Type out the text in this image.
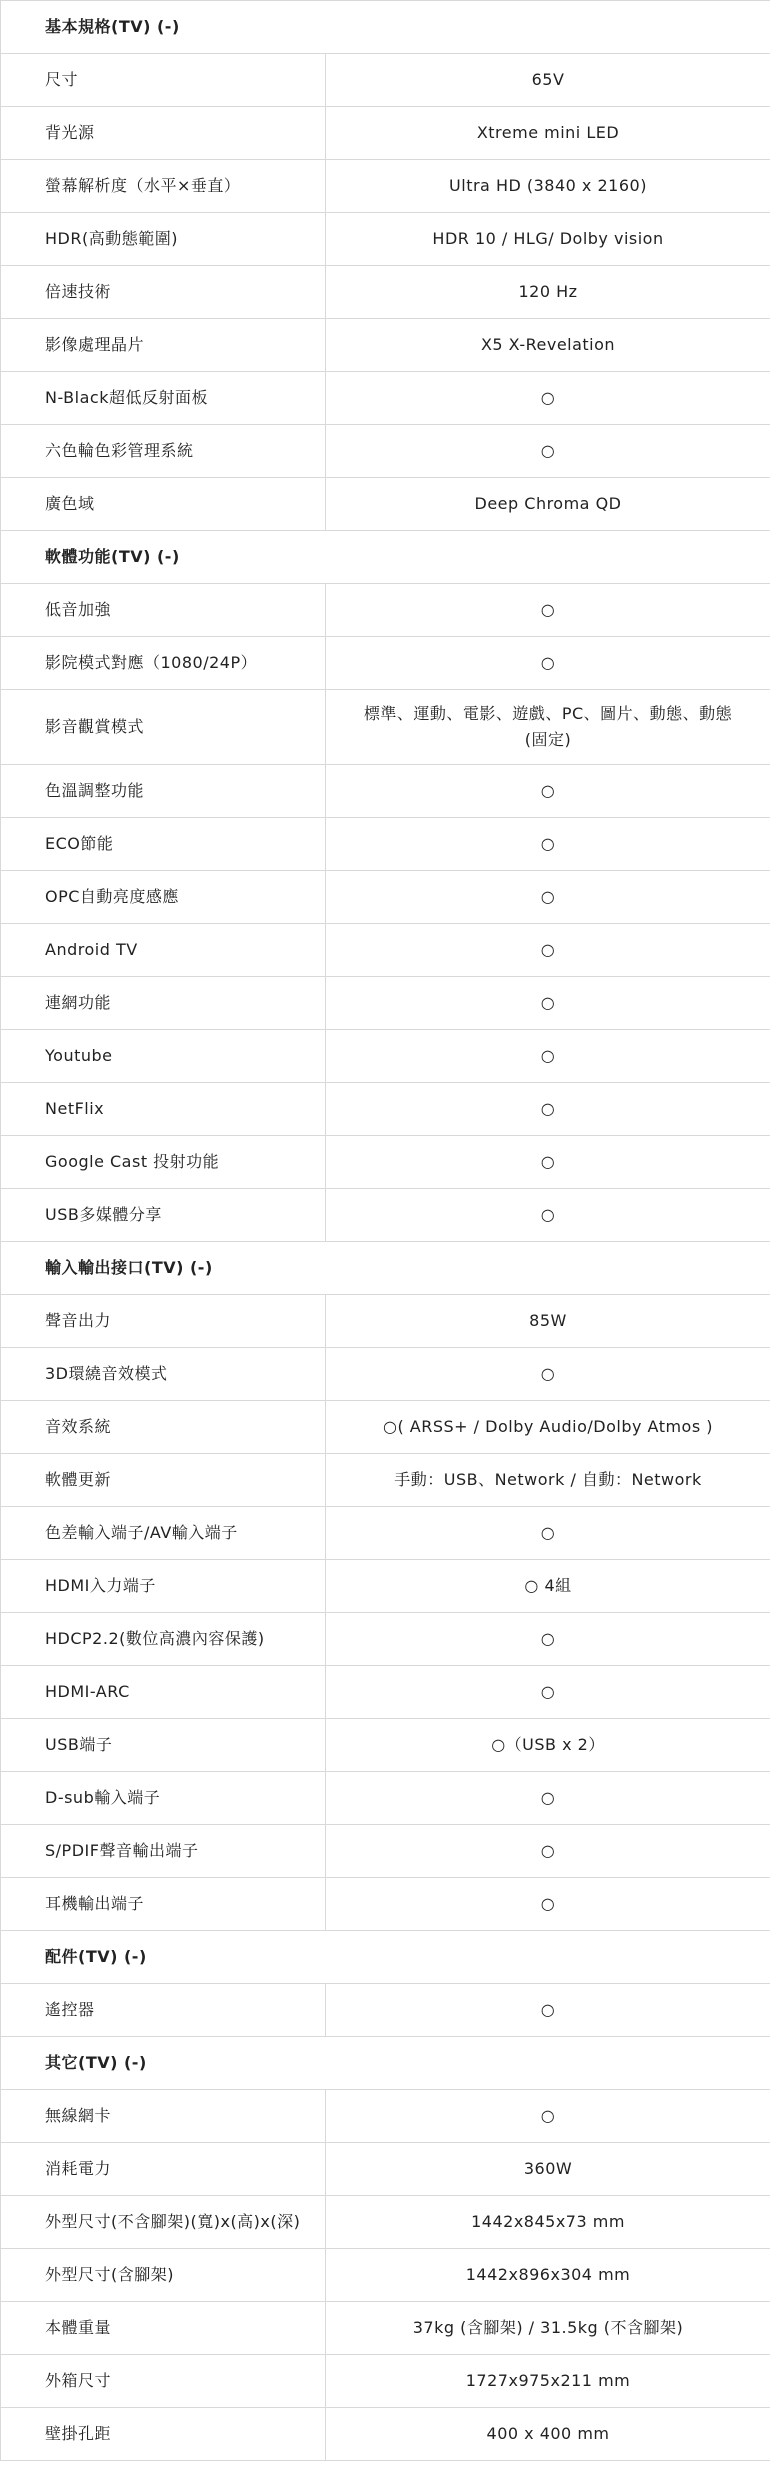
基本規格(TV) (-)	
尺寸	65V
背光源	Xtreme mini LED
螢幕解析度（水平×垂直）	Ultra HD (3840 x 2160)
HDR(高動態範圍)	HDR 10 / HLG/ Dolby vision
倍速技術	120 Hz
影像處理晶片	X5 X-Revelation
N-Black超低反射面板	○
六色輪色彩管理系統	○
廣色域	Deep Chroma QD
軟體功能(TV) (-)	
低音加強	○
影院模式對應（1080/24P）	○
影音觀賞模式	標準、運動、電影、遊戲、PC、圖片、動態、動態(固定)
色溫調整功能	○
ECO節能	○
OPC自動亮度感應	○
Android TV	○
連網功能	○
Youtube	○
NetFlix	○
Google Cast 投射功能	○
USB多媒體分享	○
輸入輸出接口(TV) (-)	
聲音出力	85W
3D環繞音效模式	○
音效系統	○( ARSS+ / Dolby Audio/Dolby Atmos )
軟體更新	手動：USB、Network / 自動：Network
色差輸入端子/AV輸入端子	○
HDMI入力端子	○ 4組
HDCP2.2(數位高濃內容保護)	○
HDMI-ARC	○
USB端子	○（USB x 2）
D-sub輸入端子	○
S/PDIF聲音輸出端子	○
耳機輸出端子	○
配件(TV) (-)	
遙控器	○
其它(TV) (-)	
無線網卡	○
消耗電力	360W
外型尺寸(不含腳架)(寬)x(高)x(深)	1442x845x73 mm
外型尺寸(含腳架)	1442x896x304 mm
本體重量	37kg (含腳架) / 31.5kg (不含腳架)
外箱尺寸	1727x975x211 mm
壁掛孔距	400 x 400 mm
